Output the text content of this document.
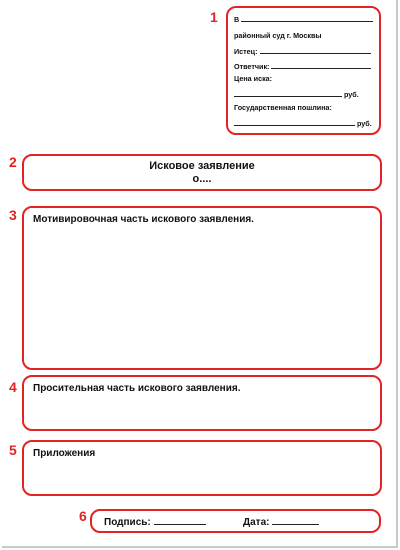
1 В
районный суд г. Москвы
Истец:
Ответчик:
Цена иска:
руб.
Государственная пошлина:
руб.
2	Исковое заявление
о....
3 Мотивировочная часть искового заявления.
4 Просительная часть искового заявления.
5 Приложения
6 Подпись:	Дата:
